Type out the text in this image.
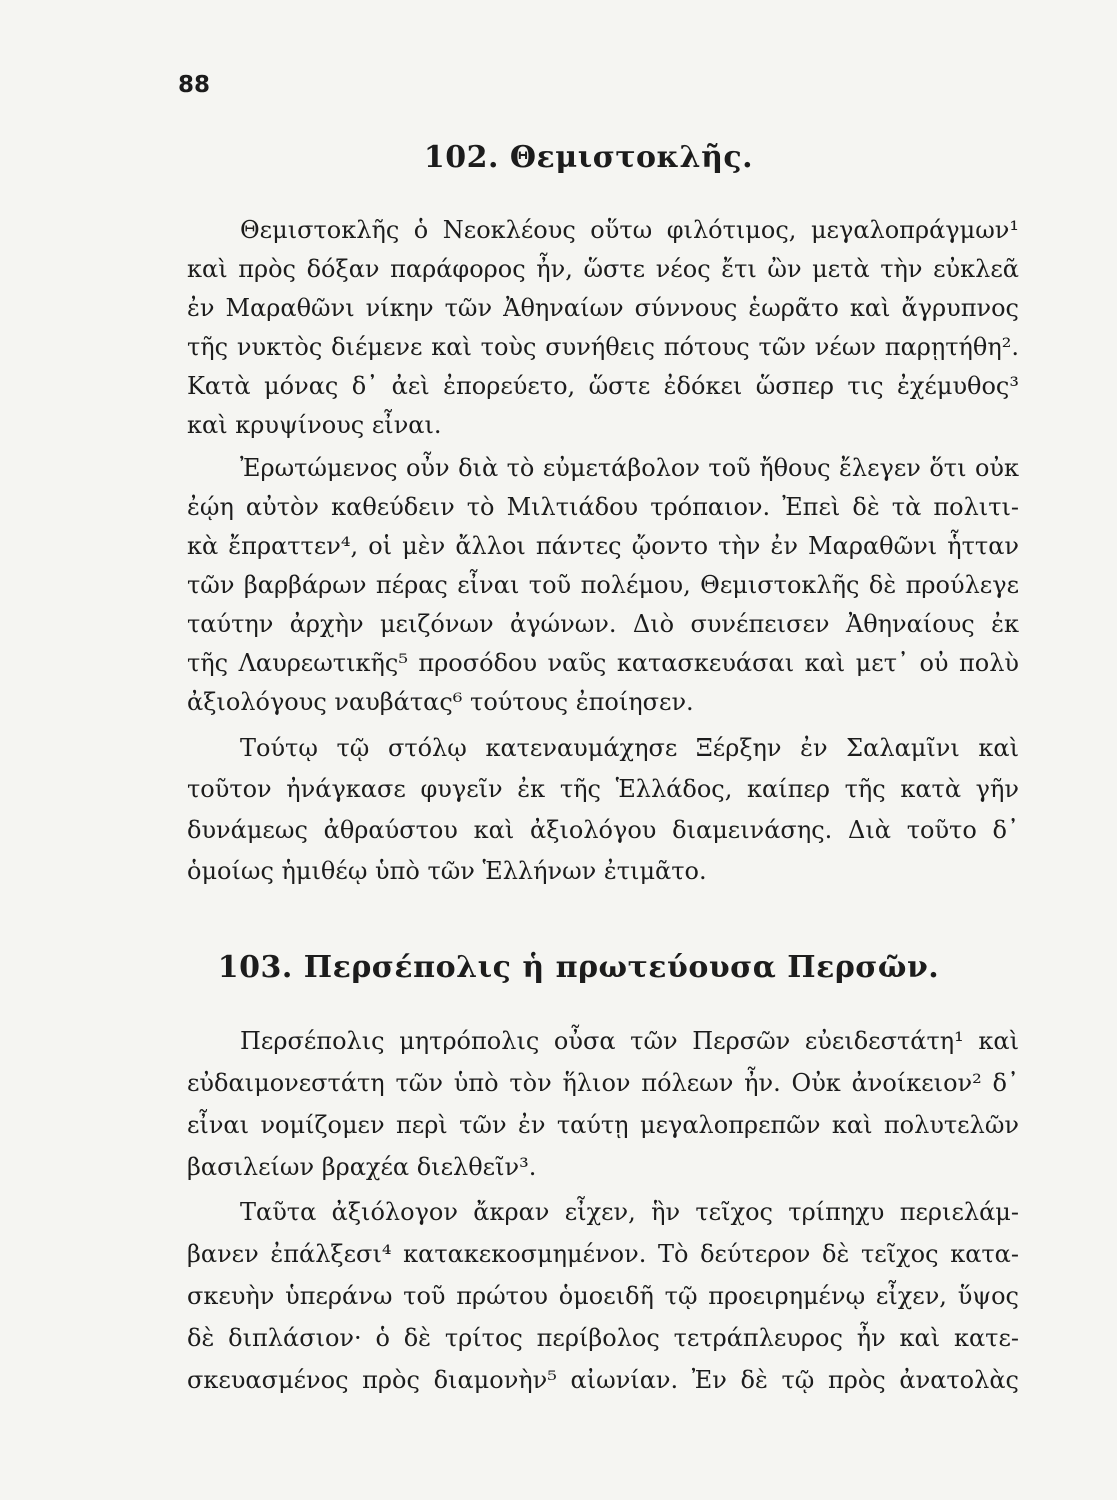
88
102. Θεμιστοκλῆς.
Θεμιστοκλῆς ὁ Νεοκλέους οὕτω φιλότιμος, μεγαλοπράγμων¹
καὶ πρὸς δόξαν παράφορος ἦν, ὥστε νέος ἔτι ὢν μετὰ τὴν εὐκλεᾶ
ἐν Μαραθῶνι νίκην τῶν Ἀθηναίων σύννους ἑωρᾶτο καὶ ἄγρυπνος
τῆς νυκτὸς διέμενε καὶ τοὺς συνήθεις πότους τῶν νέων παρῃτήθη².
Κατὰ μόνας δ᾽ ἀεὶ ἐπορεύετο, ὥστε ἐδόκει ὥσπερ τις ἐχέμυθος³
καὶ κρυψίνους εἶναι.
Ἐρωτώμενος οὖν διὰ τὸ εὐμετάβολον τοῦ ἤθους ἔλεγεν ὅτι οὐκ
ἐῴη αὐτὸν καθεύδειν τὸ Μιλτιάδου τρόπαιον. Ἐπεὶ δὲ τὰ πολιτι-
κὰ ἔπραττεν⁴, οἱ μὲν ἄλλοι πάντες ᾤοντο τὴν ἐν Μαραθῶνι ἧτταν
τῶν βαρβάρων πέρας εἶναι τοῦ πολέμου, Θεμιστοκλῆς δὲ προύλεγε
ταύτην ἀρχὴν μειζόνων ἀγώνων. Διὸ συνέπεισεν Ἀθηναίους ἐκ
τῆς Λαυρεωτικῆς⁵ προσόδου ναῦς κατασκευάσαι καὶ μετ᾽ οὐ πολὺ
ἀξιολόγους ναυβάτας⁶ τούτους ἐποίησεν.
Τούτῳ τῷ στόλῳ κατεναυμάχησε Ξέρξην ἐν Σαλαμῖνι καὶ
τοῦτον ἠνάγκασε φυγεῖν ἐκ τῆς Ἑλλάδος, καίπερ τῆς κατὰ γῆν
δυνάμεως ἀθραύστου καὶ ἀξιολόγου διαμεινάσης. Διὰ τοῦτο δ᾽
ὁμοίως ἡμιθέῳ ὑπὸ τῶν Ἑλλήνων ἐτιμᾶτο.
103. Περσέπολις ἡ πρωτεύουσα Περσῶν.
Περσέπολις μητρόπολις οὖσα τῶν Περσῶν εὐειδεστάτη¹ καὶ
εὐδαιμονεστάτη τῶν ὑπὸ τὸν ἥλιον πόλεων ἦν. Οὐκ ἀνοίκειον² δ᾽
εἶναι νομίζομεν περὶ τῶν ἐν ταύτῃ μεγαλοπρεπῶν καὶ πολυτελῶν
βασιλείων βραχέα διελθεῖν³.
Ταῦτα ἀξιόλογον ἄκραν εἶχεν, ἣν τεῖχος τρίπηχυ περιελάμ-
βανεν ἐπάλξεσι⁴ κατακεκοσμημένον. Τὸ δεύτερον δὲ τεῖχος κατα-
σκευὴν ὑπεράνω τοῦ πρώτου ὁμοειδῆ τῷ προειρημένῳ εἶχεν, ὕψος
δὲ διπλάσιον· ὁ δὲ τρίτος περίβολος τετράπλευρος ἦν καὶ κατε-
σκευασμένος πρὸς διαμονὴν⁵ αἰωνίαν. Ἐν δὲ τῷ πρὸς ἀνατολὰς
